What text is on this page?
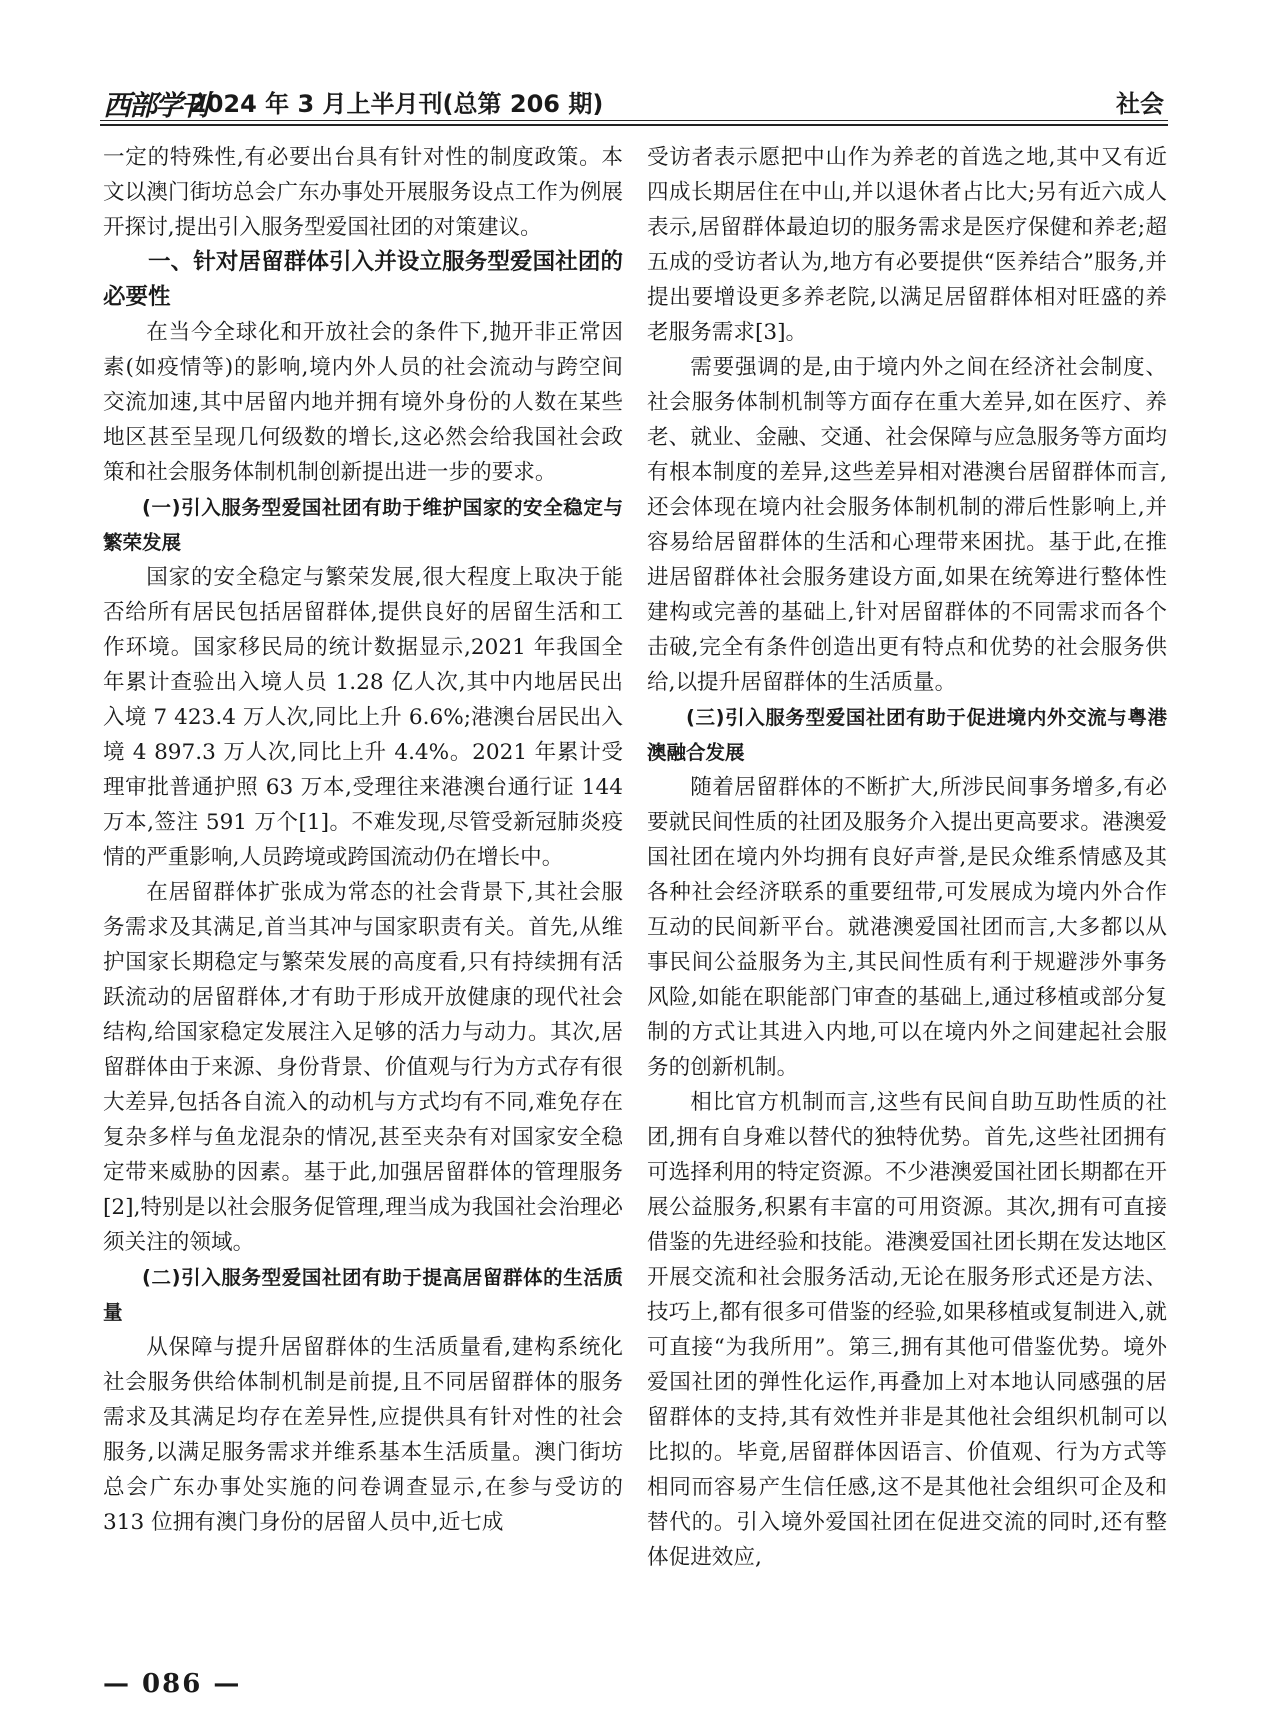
西部学刊
2024 年 3 月上半月刊(总第 206 期)	社会

一定的特殊性,有必要出台具有针对性的制度政策。本文以澳门街坊总会广东办事处开展服务设点工作为例展开探讨,提出引入服务型爱国社团的对策建议。

一、针对居留群体引入并设立服务型爱国社团的必要性

在当今全球化和开放社会的条件下,抛开非正常因素(如疫情等)的影响,境内外人员的社会流动与跨空间交流加速,其中居留内地并拥有境外身份的人数在某些地区甚至呈现几何级数的增长,这必然会给我国社会政策和社会服务体制机制创新提出进一步的要求。

(一)引入服务型爱国社团有助于维护国家的安全稳定与繁荣发展

国家的安全稳定与繁荣发展,很大程度上取决于能否给所有居民包括居留群体,提供良好的居留生活和工作环境。国家移民局的统计数据显示,2021 年我国全年累计查验出入境人员 1.28 亿人次,其中内地居民出入境 7 423.4 万人次,同比上升 6.6%;港澳台居民出入境 4 897.3 万人次,同比上升 4.4%。2021 年累计受理审批普通护照 63 万本,受理往来港澳台通行证 144 万本,签注 591 万个[1]。不难发现,尽管受新冠肺炎疫情的严重影响,人员跨境或跨国流动仍在增长中。

在居留群体扩张成为常态的社会背景下,其社会服务需求及其满足,首当其冲与国家职责有关。首先,从维护国家长期稳定与繁荣发展的高度看,只有持续拥有活跃流动的居留群体,才有助于形成开放健康的现代社会结构,给国家稳定发展注入足够的活力与动力。其次,居留群体由于来源、身份背景、价值观与行为方式存有很大差异,包括各自流入的动机与方式均有不同,难免存在复杂多样与鱼龙混杂的情况,甚至夹杂有对国家安全稳定带来威胁的因素。基于此,加强居留群体的管理服务[2],特别是以社会服务促管理,理当成为我国社会治理必须关注的领域。

(二)引入服务型爱国社团有助于提高居留群体的生活质量

从保障与提升居留群体的生活质量看,建构系统化社会服务供给体制机制是前提,且不同居留群体的服务需求及其满足均存在差异性,应提供具有针对性的社会服务,以满足服务需求并维系基本生活质量。澳门街坊总会广东办事处实施的问卷调查显示,在参与受访的 313 位拥有澳门身份的居留人员中,近七成

受访者表示愿把中山作为养老的首选之地,其中又有近四成长期居住在中山,并以退休者占比大;另有近六成人表示,居留群体最迫切的服务需求是医疗保健和养老;超五成的受访者认为,地方有必要提供“医养结合”服务,并提出要增设更多养老院,以满足居留群体相对旺盛的养老服务需求[3]。

需要强调的是,由于境内外之间在经济社会制度、社会服务体制机制等方面存在重大差异,如在医疗、养老、就业、金融、交通、社会保障与应急服务等方面均有根本制度的差异,这些差异相对港澳台居留群体而言,还会体现在境内社会服务体制机制的滞后性影响上,并容易给居留群体的生活和心理带来困扰。基于此,在推进居留群体社会服务建设方面,如果在统筹进行整体性建构或完善的基础上,针对居留群体的不同需求而各个击破,完全有条件创造出更有特点和优势的社会服务供给,以提升居留群体的生活质量。

(三)引入服务型爱国社团有助于促进境内外交流与粤港澳融合发展

随着居留群体的不断扩大,所涉民间事务增多,有必要就民间性质的社团及服务介入提出更高要求。港澳爱国社团在境内外均拥有良好声誉,是民众维系情感及其各种社会经济联系的重要纽带,可发展成为境内外合作互动的民间新平台。就港澳爱国社团而言,大多都以从事民间公益服务为主,其民间性质有利于规避涉外事务风险,如能在职能部门审查的基础上,通过移植或部分复制的方式让其进入内地,可以在境内外之间建起社会服务的创新机制。

相比官方机制而言,这些有民间自助互助性质的社团,拥有自身难以替代的独特优势。首先,这些社团拥有可选择利用的特定资源。不少港澳爱国社团长期都在开展公益服务,积累有丰富的可用资源。其次,拥有可直接借鉴的先进经验和技能。港澳爱国社团长期在发达地区开展交流和社会服务活动,无论在服务形式还是方法、技巧上,都有很多可借鉴的经验,如果移植或复制进入,就可直接“为我所用”。第三,拥有其他可借鉴优势。境外爱国社团的弹性化运作,再叠加上对本地认同感强的居留群体的支持,其有效性并非是其他社会组织机制可以比拟的。毕竟,居留群体因语言、价值观、行为方式等相同而容易产生信任感,这不是其他社会组织可企及和替代的。引入境外爱国社团在促进交流的同时,还有整体促进效应,

— 086 —
